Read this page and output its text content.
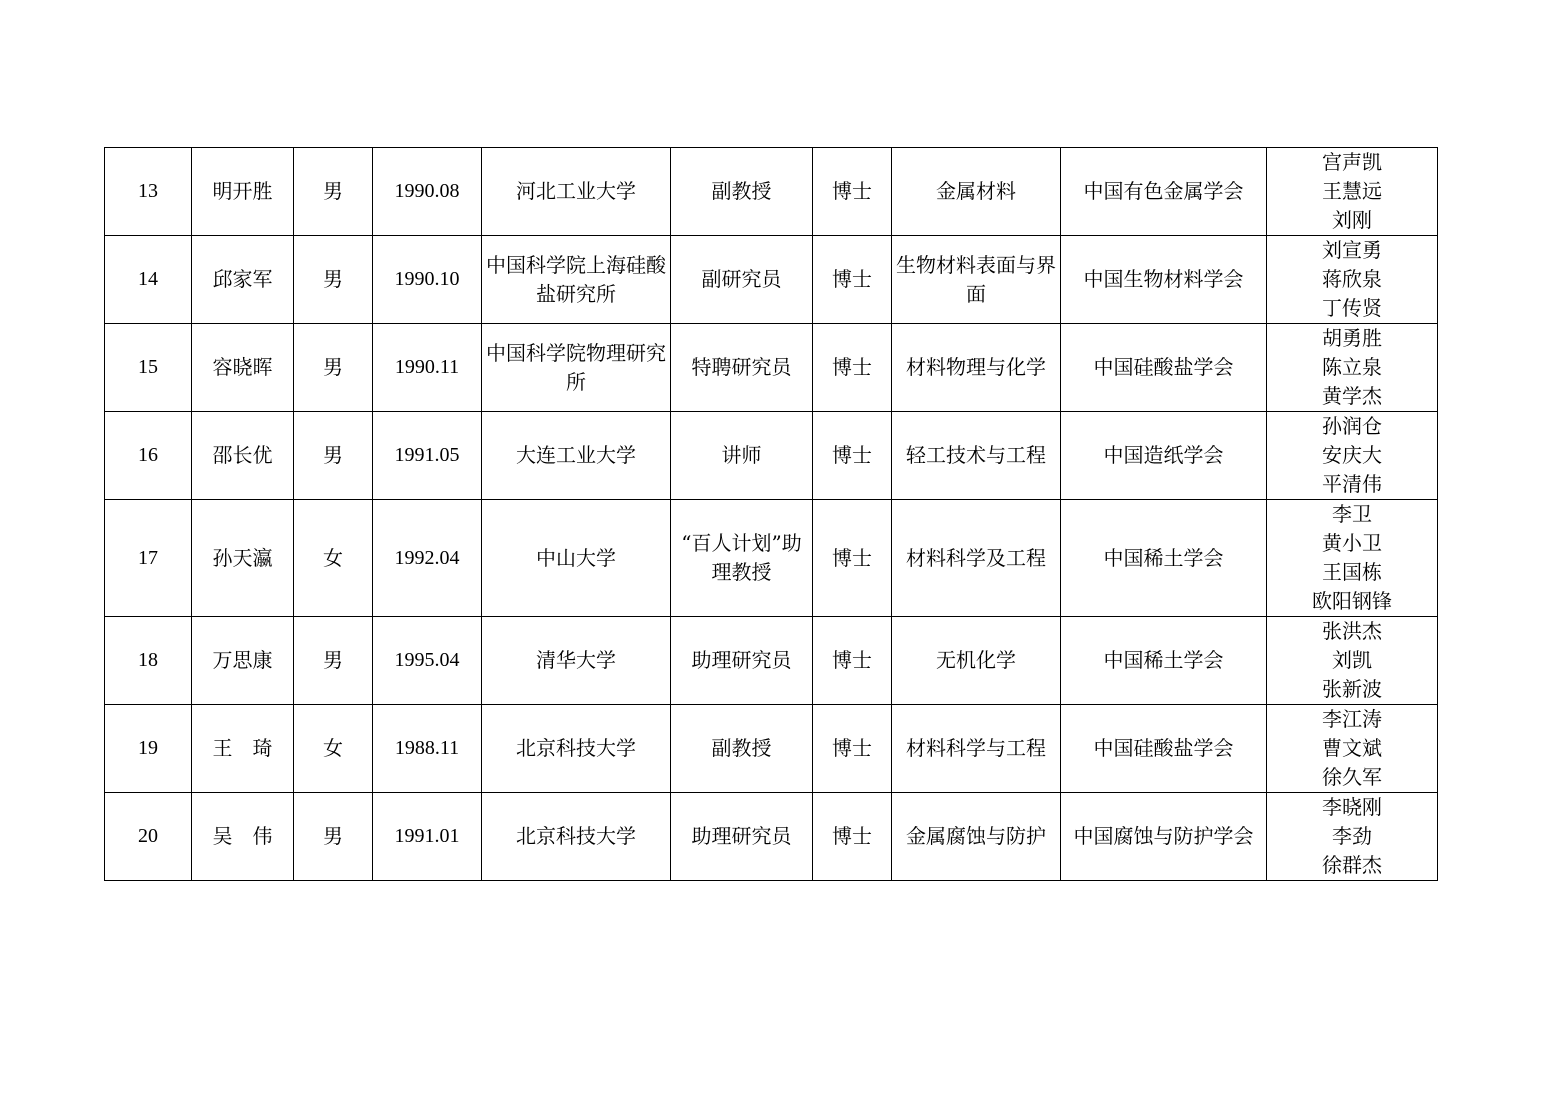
13	明开胜	男	1990.08	河北工业大学	副教授	博士	金属材料	中国有色金属学会	宫声凯
王慧远
刘刚

14	邱家军	男	1990.10	中国科学院上海硅酸盐研究所	副研究员	博士	生物材料表面与界面	中国生物材料学会	刘宣勇
蒋欣泉
丁传贤

15	容晓晖	男	1990.11	中国科学院物理研究所	特聘研究员	博士	材料物理与化学	中国硅酸盐学会	胡勇胜
陈立泉
黄学杰

16	邵长优	男	1991.05	大连工业大学	讲师	博士	轻工技术与工程	中国造纸学会	孙润仓
安庆大
平清伟

17	孙天瀛	女	1992.04	中山大学	“百人计划”助理教授	博士	材料科学及工程	中国稀土学会	李卫
黄小卫
王国栋
欧阳钢锋

18	万思康	男	1995.04	清华大学	助理研究员	博士	无机化学	中国稀土学会	张洪杰
刘凯
张新波

19	王　琦	女	1988.11	北京科技大学	副教授	博士	材料科学与工程	中国硅酸盐学会	李江涛
曹文斌
徐久军

20	吴　伟	男	1991.01	北京科技大学	助理研究员	博士	金属腐蚀与防护	中国腐蚀与防护学会	李晓刚
李劲
徐群杰
